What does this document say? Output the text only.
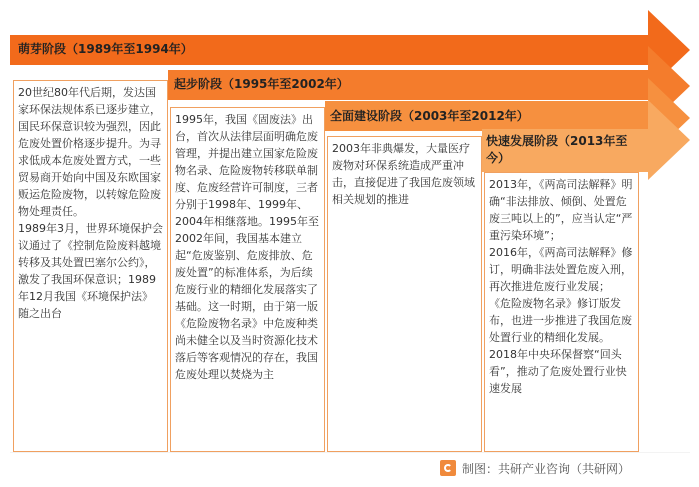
萌芽阶段（1989年至1994年）
起步阶段（1995年至2002年）
全面建设阶段（2003年至2012年）
快速发展阶段（2013年至今）
20世纪80年代后期，发达国家环保法规体系已逐步建立，国民环保意识较为强烈，因此危废处置价格逐步提升。为寻求低成本危废处置方式，一些贸易商开始向中国及东欧国家贩运危险废物，以转嫁危险废物处理责任。
1989年3月，世界环境保护会议通过了《控制危险废料越境转移及其处置巴塞尔公约》，激发了我国环保意识；1989年12月我国《环境保护法》随之出台
1995年，我国《固废法》出台，首次从法律层面明确危废管理，并提出建立国家危险废物名录、危险废物转移联单制度、危废经营许可制度，三者分别于1998年、1999年、2004年相继落地。1995年至2002年间，我国基本建立起“危废鉴别、危废排放、危废处置”的标准体系，为后续危废行业的精细化发展落实了基础。这一时期，由于第一版《危险废物名录》中危废种类尚未健全以及当时资源化技术落后等客观情况的存在，我国危废处理以焚烧为主
2003年非典爆发，大量医疗废物对环保系统造成严重冲击，直接促进了我国危废领域相关规划的推进
2013年，《两高司法解释》明确“非法排放、倾倒、处置危废三吨以上的”，应当认定“严重污染环境”；
2016年，《两高司法解释》修订，明确非法处置危废入刑，再次推进危废行业发展；
《危险废物名录》修订版发布，也进一步推进了我国危废处置行业的精细化发展。
2018年中央环保督察“回头看”，推动了危废处置行业快速发展
制图：共研产业咨询（共研网）
